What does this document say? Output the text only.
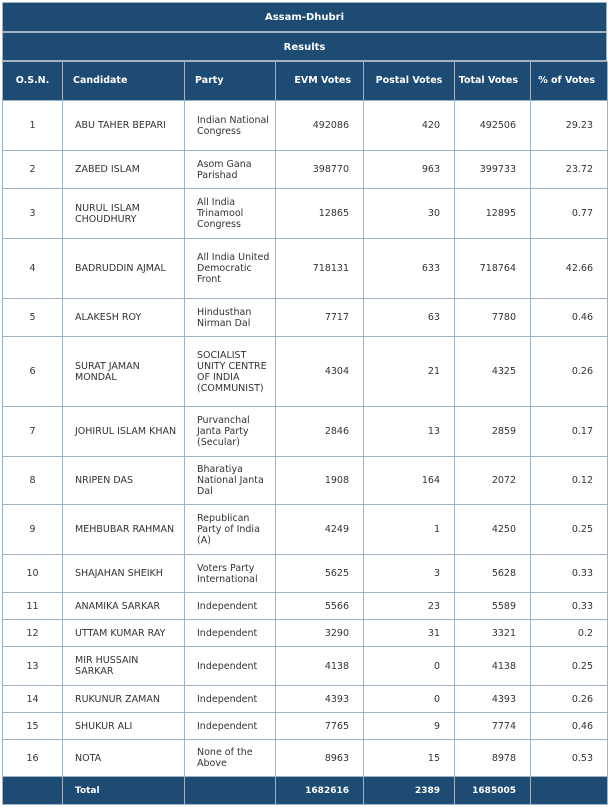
Assam-Dhubri
Results
O.S.N.	Candidate	Party	EVM Votes	Postal Votes	Total Votes	% of Votes
1	ABU TAHER BEPARI	Indian National Congress	492086	420	492506	29.23
2	ZABED ISLAM	Asom Gana Parishad	398770	963	399733	23.72
3	NURUL ISLAM CHOUDHURY	All India Trinamool Congress	12865	30	12895	0.77
4	BADRUDDIN AJMAL	All India United Democratic Front	718131	633	718764	42.66
5	ALAKESH ROY	Hindusthan Nirman Dal	7717	63	7780	0.46
6	SURAT JAMAN MONDAL	SOCIALIST UNITY CENTRE OF INDIA (COMMUNIST)	4304	21	4325	0.26
7	JOHIRUL ISLAM KHAN	Purvanchal Janta Party (Secular)	2846	13	2859	0.17
8	NRIPEN DAS	Bharatiya National Janta Dal	1908	164	2072	0.12
9	MEHBUBAR RAHMAN	Republican Party of India (A)	4249	1	4250	0.25
10	SHAJAHAN SHEIKH	Voters Party International	5625	3	5628	0.33
11	ANAMIKA SARKAR	Independent	5566	23	5589	0.33
12	UTTAM KUMAR RAY	Independent	3290	31	3321	0.2
13	MIR HUSSAIN SARKAR	Independent	4138	0	4138	0.25
14	RUKUNUR ZAMAN	Independent	4393	0	4393	0.26
15	SHUKUR ALI	Independent	7765	9	7774	0.46
16	NOTA	None of the Above	8963	15	8978	0.53
	Total		1682616	2389	1685005	
